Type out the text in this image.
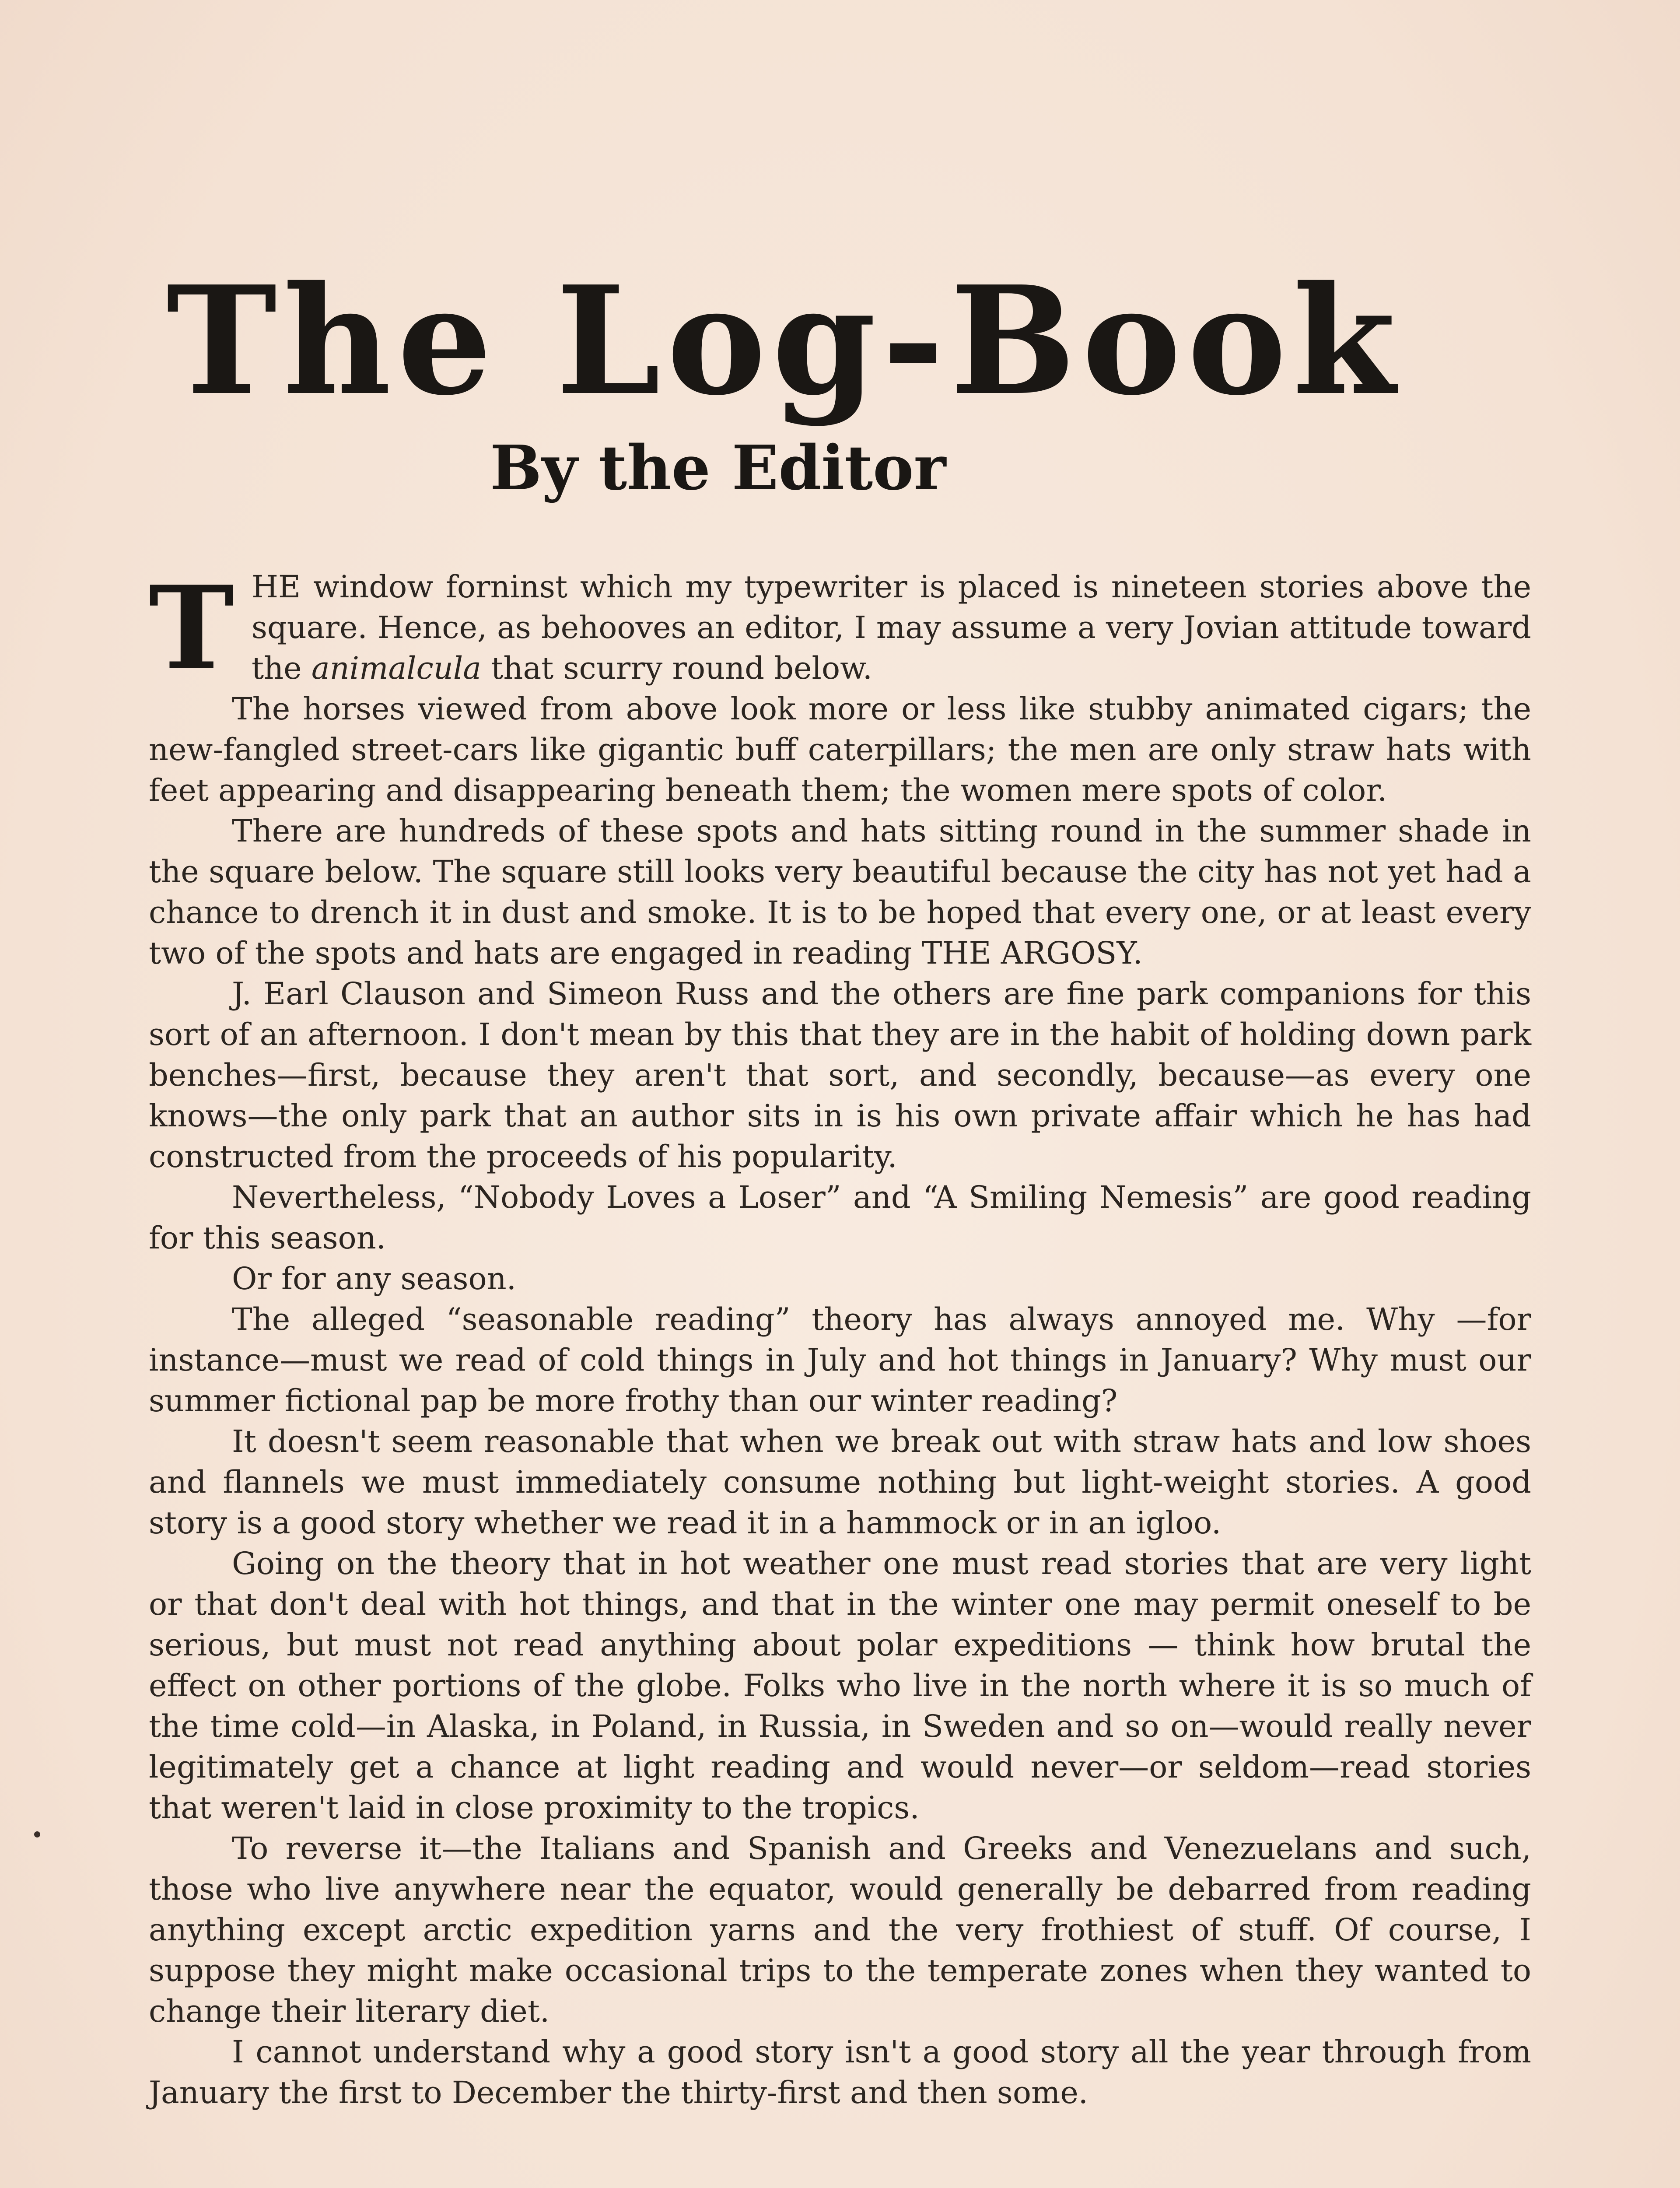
The Log-Book
By the Editor

THE window forninst which my typewriter is placed is nineteen stories above the square. Hence, as behooves an editor, I may assume a very Jovian attitude toward the animalcula that scurry round below.

The horses viewed from above look more or less like stubby animated cigars; the new-fangled street-cars like gigantic buff caterpillars; the men are only straw hats with feet appearing and disappearing beneath them; the women mere spots of color.

There are hundreds of these spots and hats sitting round in the summer shade in the square below. The square still looks very beautiful because the city has not yet had a chance to drench it in dust and smoke. It is to be hoped that every one, or at least every two of the spots and hats are engaged in reading THE ARGOSY.

J. Earl Clauson and Simeon Russ and the others are fine park companions for this sort of an afternoon. I don't mean by this that they are in the habit of holding down park benches—first, because they aren't that sort, and secondly, because—as every one knows—the only park that an author sits in is his own private affair which he has had constructed from the proceeds of his popularity.

Nevertheless, “Nobody Loves a Loser” and “A Smiling Nemesis” are good reading for this season.

Or for any season.

The alleged “seasonable reading” theory has always annoyed me. Why —for instance—must we read of cold things in July and hot things in January? Why must our summer fictional pap be more frothy than our winter reading?

It doesn't seem reasonable that when we break out with straw hats and low shoes and flannels we must immediately consume nothing but light-weight stories. A good story is a good story whether we read it in a hammock or in an igloo.

Going on the theory that in hot weather one must read stories that are very light or that don't deal with hot things, and that in the winter one may permit oneself to be serious, but must not read anything about polar expeditions — think how brutal the effect on other portions of the globe. Folks who live in the north where it is so much of the time cold—in Alaska, in Poland, in Russia, in Sweden and so on—would really never legitimately get a chance at light reading and would never—or seldom—read stories that weren't laid in close proximity to the tropics.

To reverse it—the Italians and Spanish and Greeks and Venezuelans and such, those who live anywhere near the equator, would generally be debarred from reading anything except arctic expedition yarns and the very frothiest of stuff. Of course, I suppose they might make occasional trips to the temperate zones when they wanted to change their literary diet.

I cannot understand why a good story isn't a good story all the year through from January the first to December the thirty-first and then some.
